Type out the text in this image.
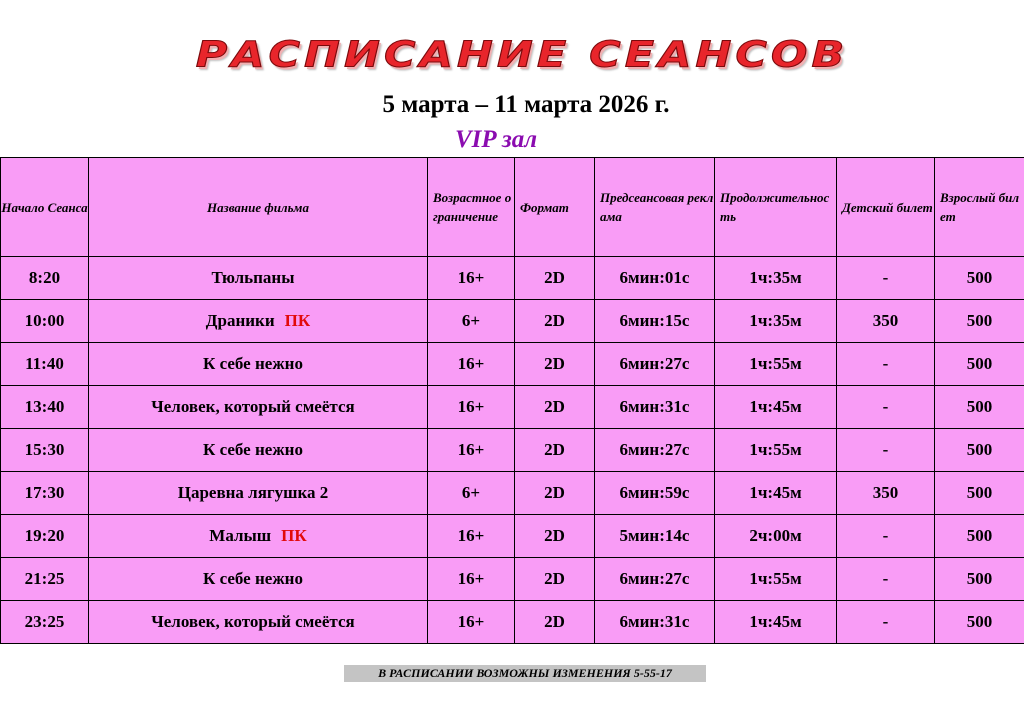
РАСПИСАНИЕ СЕАНСОВ
5 марта – 11 марта 2026 г.
VIP зал
Начало Сеанса	Название фильма	Возрастное ограничение	Формат	Предсеансовая реклама	Продолжительность	Детский билет	Взрослый билет
8:20	Тюльпаны	16+	2D	6мин:01с	1ч:35м	-	500
10:00	Драники ПК	6+	2D	6мин:15с	1ч:35м	350	500
11:40	К себе нежно	16+	2D	6мин:27с	1ч:55м	-	500
13:40	Человек, который смеётся	16+	2D	6мин:31с	1ч:45м	-	500
15:30	К себе нежно	16+	2D	6мин:27с	1ч:55м	-	500
17:30	Царевна лягушка 2	6+	2D	6мин:59с	1ч:45м	350	500
19:20	Малыш ПК	16+	2D	5мин:14с	2ч:00м	-	500
21:25	К себе нежно	16+	2D	6мин:27с	1ч:55м	-	500
23:25	Человек, который смеётся	16+	2D	6мин:31с	1ч:45м	-	500
В РАСПИСАНИИ ВОЗМОЖНЫ ИЗМЕНЕНИЯ 5-55-17
